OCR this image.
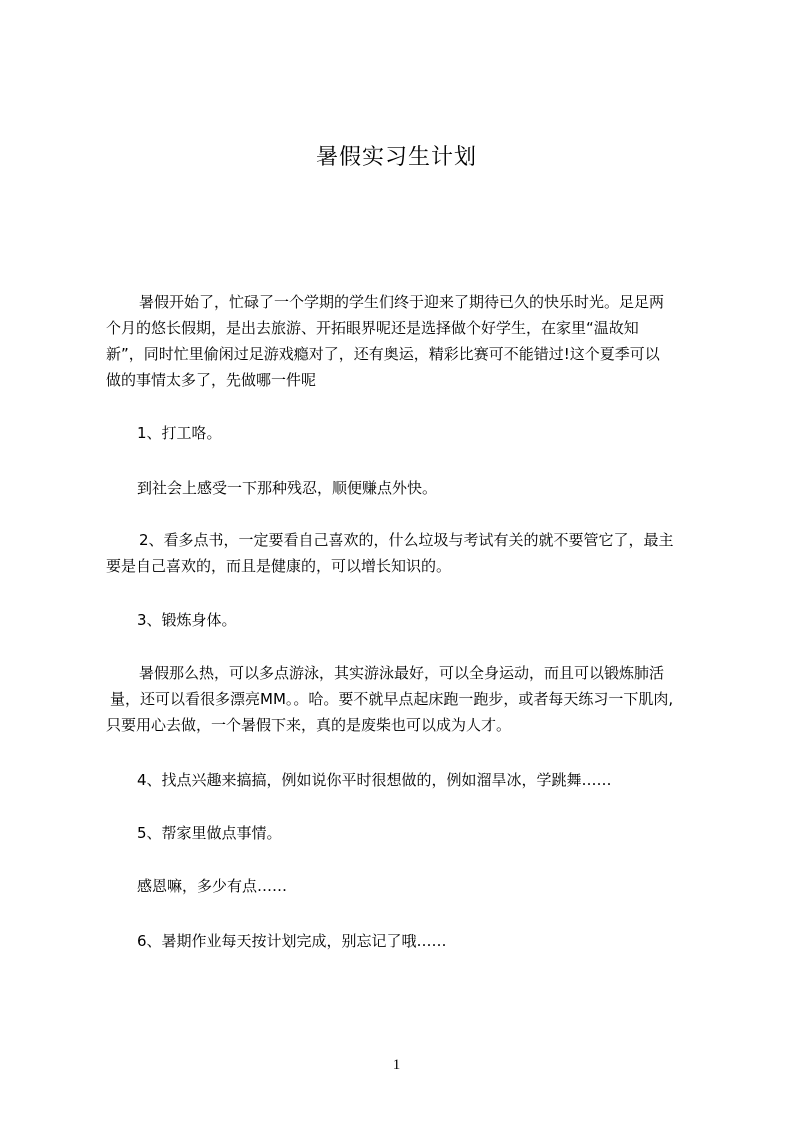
暑假实习生计划
暑假开始了，忙碌了一个学期的学生们终于迎来了期待已久的快乐时光。足足两
个月的悠长假期，是出去旅游、开拓眼界呢还是选择做个好学生，在家里“温故知
新”，同时忙里偷闲过足游戏瘾对了，还有奥运，精彩比赛可不能错过!这个夏季可以
做的事情太多了，先做哪一件呢
1、打工咯。
到社会上感受一下那种残忍，顺便赚点外快。
2、看多点书，一定要看自己喜欢的，什么垃圾与考试有关的就不要管它了，最主
要是自己喜欢的，而且是健康的，可以增长知识的。
3、锻炼身体。
暑假那么热，可以多点游泳，其实游泳最好，可以全身运动，而且可以锻炼肺活
量，还可以看很多漂亮MM。。哈。要不就早点起床跑一跑步，或者每天练习一下肌肉,
只要用心去做，一个暑假下来，真的是废柴也可以成为人才。
4、找点兴趣来搞搞，例如说你平时很想做的，例如溜旱冰，学跳舞……
5、帮家里做点事情。
感恩嘛，多少有点……
6、暑期作业每天按计划完成，别忘记了哦……
1
